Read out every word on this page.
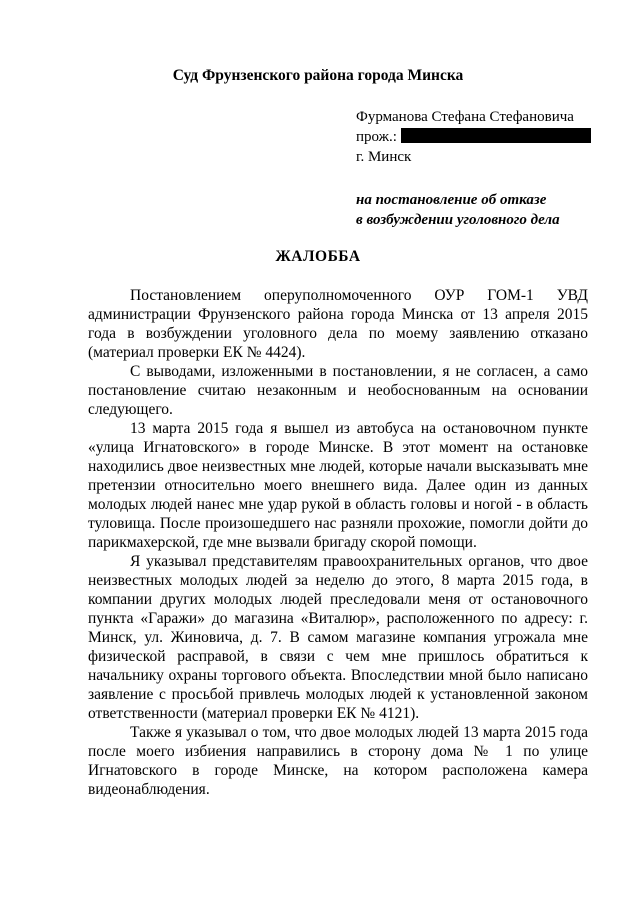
Суд Фрунзенского района города Минска
Фурманова Стефана Стефановича
прож.:
г. Минск
на постановление об отказе
в возбуждении уголовного дела
ЖАЛОББА

Постановлением оперуполномоченного ОУР ГОМ-1 УВД администрации Фрунзенского района города Минска от 13 апреля 2015 года в возбуждении уголовного дела по моему заявлению отказано (материал проверки ЕК № 4424).

С выводами, изложенными в постановлении, я не согласен, а само постановление считаю незаконным и необоснованным на основании следующего.

13 марта 2015 года я вышел из автобуса на остановочном пункте «улица Игнатовского» в городе Минске. В этот момент на остановке находились двое неизвестных мне людей, которые начали высказывать мне претензии относительно моего внешнего вида. Далее один из данных молодых людей нанес мне удар рукой в область головы и ногой - в область туловища. После произошедшего нас разняли прохожие, помогли дойти до парикмахерской, где мне вызвали бригаду скорой помощи.

Я указывал представителям правоохранительных органов, что двое неизвестных молодых людей за неделю до этого, 8 марта 2015 года, в компании других молодых людей преследовали меня от остановочного пункта «Гаражи» до магазина «Виталюр», расположенного по адресу: г. Минск, ул. Жиновича, д. 7. В самом магазине компания угрожала мне физической расправой, в связи с чем мне пришлось обратиться к начальнику охраны торгового объекта. Впоследствии мной было написано заявление с просьбой привлечь молодых людей к установленной законом ответственности (материал проверки ЕК № 4121).

Также я указывал о том, что двое молодых людей 13 марта 2015 года после моего избиения направились в сторону дома № 1 по улице Игнатовского в городе Минске, на котором расположена камера видеонаблюдения.
